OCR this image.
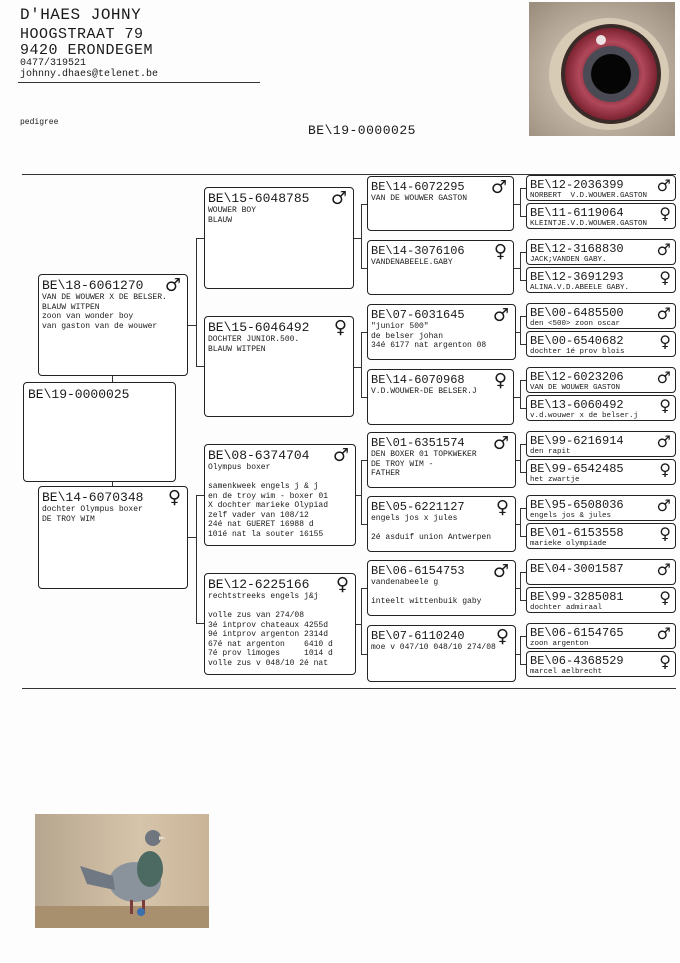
D'HAES JOHNY
HOOGSTRAAT 79
9420 ERONDEGEM
0477/319521
johnny.dhaes@telenet.be
pedigree
BE\19-0000025
BE\19-0000025
BE\18-6061270	♂
VAN DE WOUWER X DE BELSER.
BLAUW WITPEN
zoon van wonder boy
van gaston van de wouwer
BE\14-6070348	♀
dochter Olympus boxer
DE TROY WIM
BE\15-6048785	♂
WOUWER BOY
BLAUW
BE\15-6046492	♀
DOCHTER JUNIOR.500.
BLAUW WITPEN
BE\08-6374704	♂
Olympus boxer

samenkweek engels j & j
en de troy wim - boxer 01
X dochter marieke Olypiad
zelf vader van 108/12
24é nat GUERET 16988 d
101é nat la souter 16155
BE\12-6225166	♀
rechtstreeks engels j&j

volle zus van 274/08
3é intprov chateaux 4255d
9é intprov argenton 2314d
67é nat argenton    6410 d
7é prov limoges     1014 d
volle zus v 048/10 2é nat
BE\14-6072295	♂
VAN DE WOUWER GASTON
BE\14-3076106	♀
VANDENABEELE.GABY
BE\07-6031645	♂
"junior 500"
de belser johan
34é 6177 nat argenton 08
BE\14-6070968	♀
V.D.WOUWER-DE BELSER.J
BE\01-6351574	♂
DEN BOXER 01 TOPKWEKER
DE TROY WIM -
FATHER
BE\05-6221127	♀
engels jos x jules

2é asduif union Antwerpen
BE\06-6154753	♂
vandenabeele g

inteelt wittenbuik gaby
BE\07-6110240	♀
moe v 047/10 048/10 274/08
BE\12-2036399	♂
NORBERT  V.D.WOUWER.GASTON
BE\11-6119064	♀
KLEINTJE.V.D.WOUWER.GASTON
BE\12-3168830	♂
JACK;VANDEN GABY.
BE\12-3691293	♀
ALINA.V.D.ABEELE GABY.
BE\00-6485500	♂
den <500> zoon oscar
BE\00-6540682	♀
dochter 1é prov blois
BE\12-6023206	♂
VAN DE WOUWER GASTON
BE\13-6060492	♀
v.d.wouwer x de belser.j
BE\99-6216914	♂
den rapit
BE\99-6542485	♀
het zwartje
BE\95-6508036	♂
engels jos & jules
BE\01-6153558	♀
marieke olympiade
BE\04-3001587	♂
BE\99-3285081	♀
dochter admiraal
BE\06-6154765	♂
zoon argenton
BE\06-4368529	♀
marcel aelbrecht
